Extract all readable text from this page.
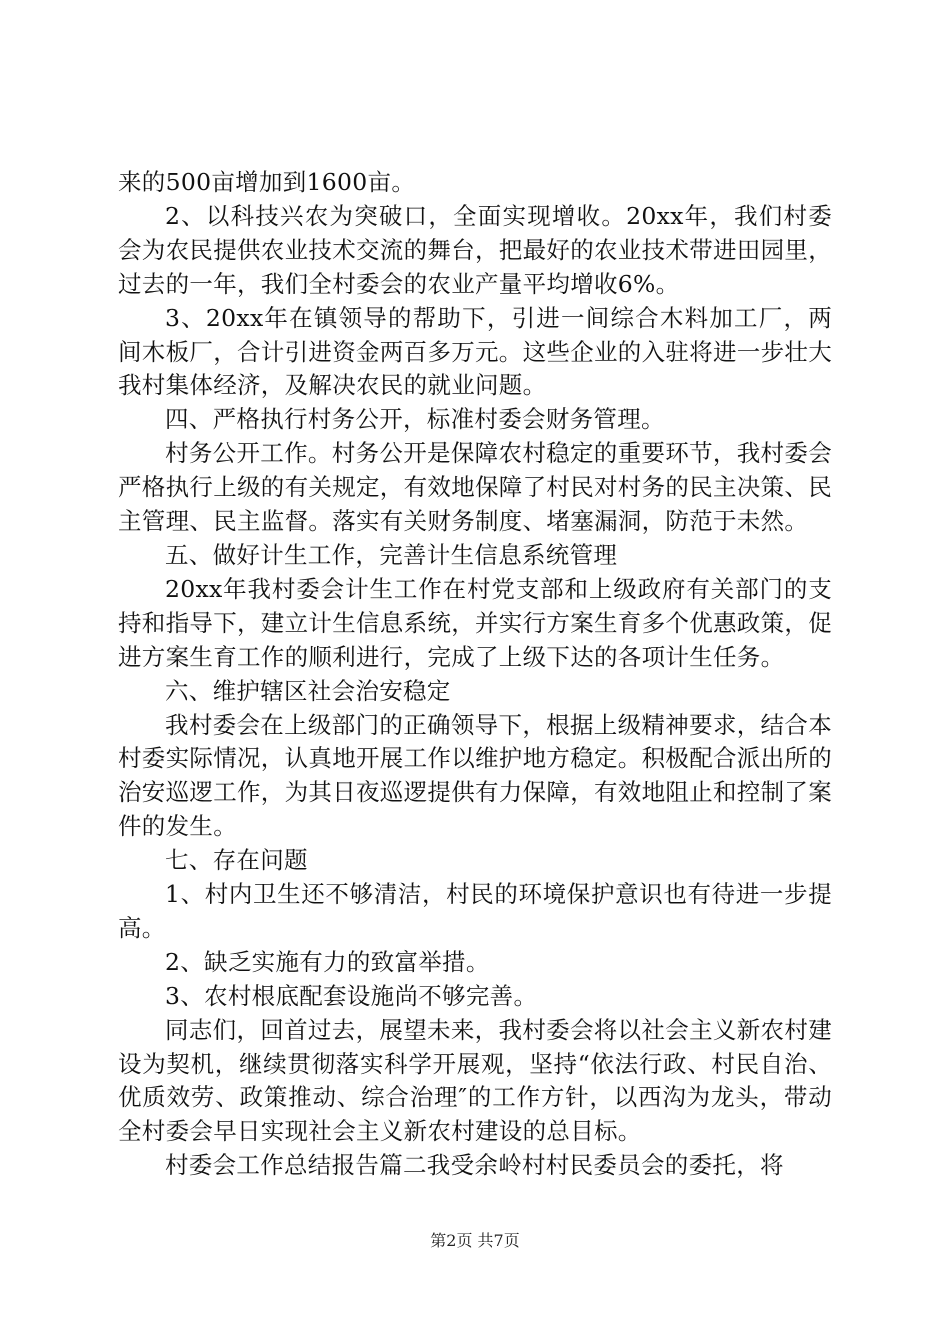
来的500亩增加到1600亩。

2、以科技兴农为突破口，全面实现增收。20xx年，我们村委会为农民提供农业技术交流的舞台，把最好的农业技术带进田园里，过去的一年，我们全村委会的农业产量平均增收6%。

3、20xx年在镇领导的帮助下，引进一间综合木料加工厂，两间木板厂，合计引进资金两百多万元。这些企业的入驻将进一步壮大我村集体经济，及解决农民的就业问题。

四、严格执行村务公开，标准村委会财务管理。

村务公开工作。村务公开是保障农村稳定的重要环节，我村委会严格执行上级的有关规定，有效地保障了村民对村务的民主决策、民主管理、民主监督。落实有关财务制度、堵塞漏洞，防范于未然。

五、做好计生工作，完善计生信息系统管理

20xx年我村委会计生工作在村党支部和上级政府有关部门的支持和指导下，建立计生信息系统，并实行方案生育多个优惠政策，促进方案生育工作的顺利进行，完成了上级下达的各项计生任务。

六、维护辖区社会治安稳定

我村委会在上级部门的正确领导下，根据上级精神要求，结合本村委实际情况，认真地开展工作以维护地方稳定。积极配合派出所的治安巡逻工作，为其日夜巡逻提供有力保障，有效地阻止和控制了案件的发生。

七、存在问题

1、村内卫生还不够清洁，村民的环境保护意识也有待进一步提高。

2、缺乏实施有力的致富举措。

3、农村根底配套设施尚不够完善。

同志们，回首过去，展望未来，我村委会将以社会主义新农村建设为契机，继续贯彻落实科学开展观，坚持“依法行政、村民自治、优质效劳、政策推动、综合治理″的工作方针，以西沟为龙头，带动全村委会早日实现社会主义新农村建设的总目标。

村委会工作总结报告篇二我受余岭村村民委员会的委托，将

第2页 共7页
